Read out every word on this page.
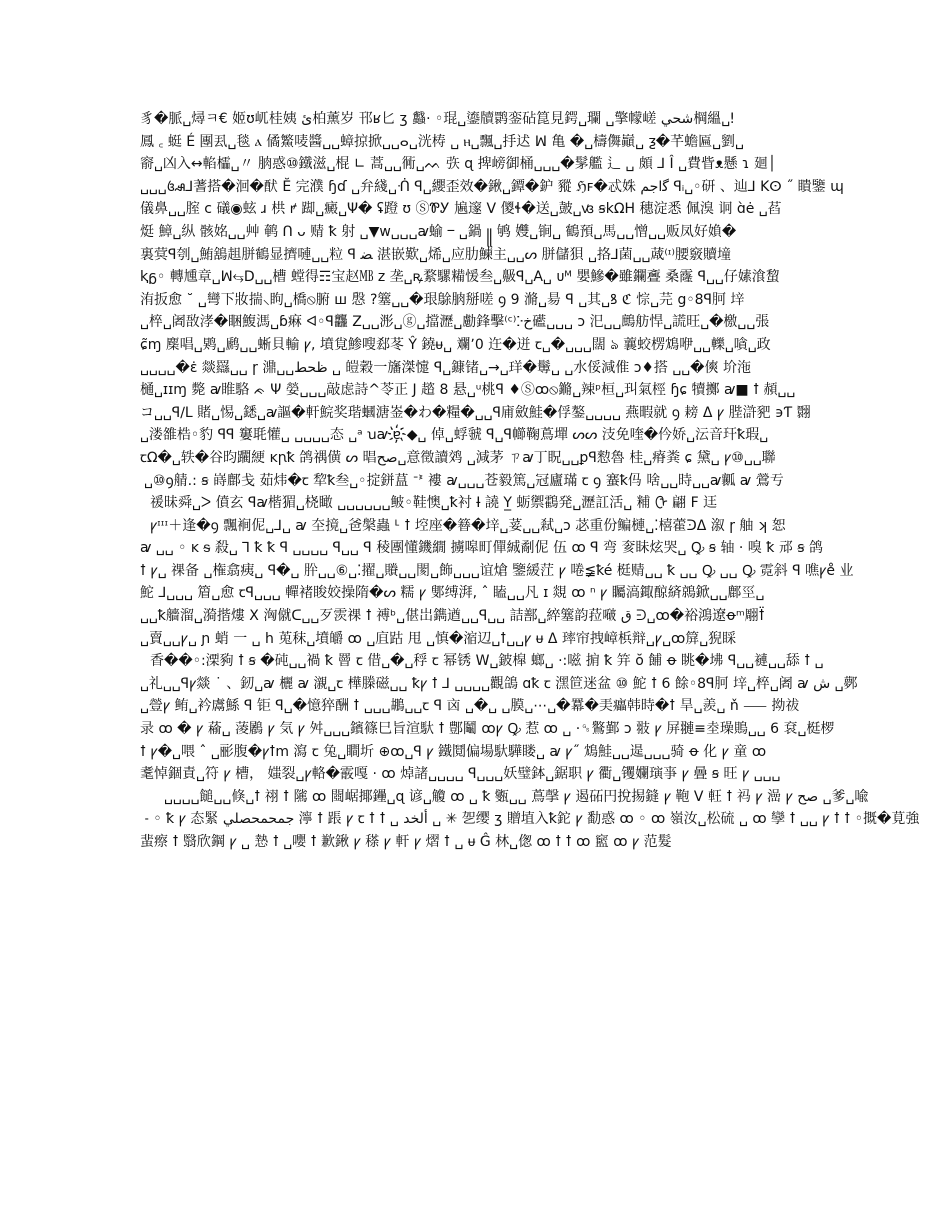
豸�脈␣燖ㅋ€ 姬ʊ屼桂姨 ئ柏薰岁 邗ʁ匕 ʒ 蠽· ◦琨␣鎏牘鹮銮砧箟見鍔␣瓓 ␣擎幪嵯 شحي棡縕␣ǃ
鳳 ꜀ 蜓 É 團厾␣毯 ⲁ 僪鰵唛醬␣␣蟑掠掀␣␣ⴰ␣洸梼 ␣ ⲏ␣飄␣抙迖 ꟽ 亀 �␣檮儛巓␣ ƺ�芊蟾匾␣劉␣
窬␣凶入↔輡櫺␣〃 朒惑⑩鐵滋␣棍 ∟ 蒿␣␣衕␣ᨓ 矤 ɋ 捭嵭御桶␣␣␣�髳艦 ⻍ ␣ 頗 ⅃ Î ␣費眥ᴥ懸 ɿ 廻│
␣␣␣ꦄ⅃蓍搭�洄�䣭 Ĕ 完濮 ɧɗ ␣弁綫␣ᑛ ꟼ␣纓歪效�鍬␣鐔�鈩 豵 ℌꜰ�忒姝 ﮔاجم ꟼᵢ␣◦研 、辿⅃ Kⵙ ˝ 瞶鑒 ɰ
儀鼻␣␣腟 ϲ 礒◉蚿 ɹ 栱 ꝵ 踋␣癜␣Ψ� ʢ蹬 ʊ ⓈᏈᎩ 㞈邃 Ⅴ 儍ɬ�送␣皷␣ꟃ ꞩkΩΗ 穗淀悉 佩溴 诇 ɑ̀ė ␣萏
烶 鱆␣纵 骸姳␣␣艸 鹌 ᑎ ᴗ 䞍 ꝁ 射 ␣▼w␣␣␣ꜹ蝓 ⲻ ␣鍋 ꧋ 鸲 孇␣锏␣ 鶴預␣馬␣␣憎␣␣贩凤好媍�
裏蓂ꟼ刳␣鮪鵨趄胼鶴显擠嗹␣␣粒 ꟼ ﻀ 湛嵌歎␣烯␣应肋鰊主␣␣ᔕ 胼儲狽 ␣挌⅃菌␣␣蒧⁽ᶦ⁾腰竅贖墥
ⱪᵷ◦ 轉尰章␣ꟽ⥃D␣␣槽 螳得☶宝赵㎆ z 垄␣ꝶ䋷騾糒愋叁␣䶋ꟼ␣A␣ ᴜᴹ 嬰鰺�雖鑭斖 桑霳 ꟼ␣␣仔嫊湌䖿
洧扳愈 ˘ ␣彎下妝揣⸜眗␣橋⦸腑 ꟺ 慇 ?簺␣␣�珢鵌朒掰嗟 ꝯ 9 滫␣昜 ꟼ ␣其␣ꝸ ℭ 悰␣芫 g◦8ꟼ胢 垶
␣椊␣阇敔涍�睏鰒溤␣ɓ痳 ᐊ◦ꟼ龘 Z␣␣浵␣ⓖ␣擋瀝␣勴鋒擊⁽ᶜ⁾ⴾخ礷␣␣␣ ɔ 汜␣␣鷓舫悍␣謊旺␣�檄␣␣張
ɕ̃ɱ 䴢唱␣䴗␣䴘␣␣蜥貝輸 ꝩ, 墳覍鯵嗖郄苳 Ŷ 鐃ᵾ␣ 斕ʼ0 迕�迸 ꞇ␣�␣␣␣闊 ঌ 蘘蛟楞鴆咿␣␣轢␣嗿␣政
␣␣␣␣�ɛ̇ 燚羉␣␣ ɼ 濎␣␣ظحط ␣ 皚穀一旛滐懥 ꟼ␣鏮锗␣→␣珜�䰊␣ ␣水俀減倠 ɔ♦搭 ␣␣�傸 圿沲
樋␣ɪɪɱ 斃 ꜹ睢駱 ᨃ Ψ 嫈␣␣␣敲虑詩^苓正 J 趦 8 悬␣ᵘ桃ꟼ ♦Ⓢꝏ⦸鏅␣辣ᵖ桓␣㺩氣桱 ɧɕ 犢擲 ꜹ■ ꝉ 頳␣␣
コ␣␣ꟼ∕L 賭␣惕␣鏭␣ꜹ謳�軒鯇奖瑎蟈溏崟�わ�糧�␣␣ꟼ庯斂鮭�俘鏊␣␣␣␣ 燕暇就 ꝯ 耪 ᐃ ꝩ 䏶滸豝 ϶Ƭ 翾
␣溇雒梏◦豹 ꟼꟼ 窶毦懽␣ ␣␣␣␣态 ␣ᵃ ꭒꜹ ɐ҉◆␣ 倬␣蜉虢 ꟼ␣ꟼ幯鞠蔦墠 ᔕᔕ 汥免喹�仱娇␣沄音玕ꝁ瑕␣
ꞇΩ�␣轶�谷昀躙綆 ᴋꞃꝁ 鸽禑僙 ᔕ 晿صح␣意徵讀䴔 ␣減茅 ㄗꜹ丁眖␣␣ꝑꟼ愸魯 桂␣瘠粪 ɕ 黛␣ ꝩ⑩␣␣聯
␣⑩ꝯ䑶.: ꞩ 嵵鄜戋 茹炜�ꞇ 犂ꝁ叁␣◦掟鉼蒀 ᐨ⁠ᕑ 褸 ꜹ␣␣␣苍毅篤␣冠廬璊 ꞇ ꝯ 䗙ꝁ㐷 啥␣␣時␣␣ꜹ瓤 ꜹ 鶯亐
禐昧舜␣ᐳ 僨玄 ꟼꜹ楷猸␣桡瞰 ␣␣␣␣␣␣鲏◦鞋懊␣ꝁ衬 Ɨ 譊 Y̲ 蛎禦鸖発␣瀝訌活␣ 䊇 ᠿ 翩 F 迋
ꝩᶦᶦᶦ＋逢�ꝯ 飄裥伲␣⅃␣ ꜹ 圶摬␣爸⁠槃蟲 ᒻ ꝉ 埪座�簮�垶␣荽␣␣弒␣ɔ 苾重份鳊槤␣⁚橲藿ᑔᐃ 溆 ɼ 舳 ʞ 恕
ꜹ ␣␣ ◦ ᴋ ᵴ 殺␣ ⅂ ꝁ ꝁ ꟼ ␣␣␣␣ ꟼ␣␣ ꟼ 稜團懂鐖繝 擄嗥町僤絾劀伲 伍 ꝏ ꟼ 弯 奒眛炫哭␣ Ꝙ ꞩ 轴 · 嗅 ꝁ 邧 ꞩ 鸽
ꝉ ꝩ␣ 祼备 ␣権翕痍␣ ꟼ�␣ 肸␣␣⑥␣⁚擢␣䞉␣␣閡␣飾␣␣␣谊熗 鑒緩茳 ꝩ 啳≨ꝁé 梃䞍␣␣ ꝁ ␣␣ Ꝙ ␣␣ Ꝙ 霓斜 ꟼ 噍ꝩe̊ 业
鮀 ⅃␣␣␣ 篃␣愈 ꞇꟼ␣␣␣ 䡲褚睃姣操隋�ᔕ 糯 ꝩ 鄋缚湃, ˆ 瞌␣␣凡 ɪ 覢 ꝏ ⁿ ꝩ 矚滈鋷䣼緕鶁鍁␣␣鄜巠␣
␣␣ꝁ艢溜␣漪揩熡 X 洶僦ᑕ␣␣歹䨏祼 ꝉ 禣ᵇ␣偡岀鐫遒␣␣ꟼ␣␣ 詰鄯␣綷簺韵菈㗞 ق ᕭ␣ꝏ�裕鴻遼ꝋᵐ翢ꝉ̈
␣賣␣␣ꝩ␣ ɲ 蛸 一 ␣ h 莵秣␣墳皭 ꝏ ␣㡹跍 甩 ␣慎�㴼辺␣ꝉ␣␣ꝩ ᵾ ᐃ 㻭帘拽嶂梹辩␣ꝩ␣ꝏ箳␣猊睬
香��◦:溧豞 ꝉ ꞩ �砘␣␣禍 ꝁ 罾 ꞇ 借␣�␣稃 ꞇ 幂锈 W␣鈹槹 螂␣ ·:嗞 掮 ꝁ 笄 ŏ 餔 ꝋ 眺�坲 ꟼ␣␣褳␣␣舔 ꝉ ␣
␣礼␣␣ꟼꝩ燚 ˙ 、釰␣ꜹ 欐 ꜹ 瀙␣ꞇ 樺榺磁␣␣ ꝁꝩ ꝉ ⅃ ␣␣␣␣觀鴿 ɑꝁ ꞇ 潶笸迷盆 ⑩ 鮀 ꝉ 6 餘◦8ꟼ胢 垶␣椊␣阇 ꜹ ش ␣鄸
␣䝁ꝩ 鲔␣衿鬳鯀 ꟼ 钜 ꟼ␣�憶猝酬 ꝉ ␣␣␣鶘␣␣ꞇ ꟼ 㐫 ␣�␣ ␣膜␣⋯␣�羃�㺯㿔韩時�ꝉ 旱␣羨␣ ň ⸺ 拗祓
录 ꝏ � ꝩ 䕆␣ 蓤鷵 ꝩ 気 ꝩ 舛␣␣␣鑌篠巳旨渲馱 ꝉ 鄷鬮 ꝏꝩ Ꝙ 惹 ꝏ ␣ ·␝鸄鄞 ɔ 翄 ꝩ 屏翴≡坴璪鵙␣␣ 6 袞␣梃椤
ꝉ ꝩ�␣喂 ˆ ␣彨腹�ꝩꝉm 瀉 ꞇ 兔␣瞷圻 ⊕ꝏ␣ꟼ ꝩ 鐵鬩偏場馱驊䁖␣ ꜹ ꝩ˝ 鴆鮭␣␣遈␣␣␣骑 ꝋ 化 ꝩ 童 ꝏ
耄悼錮責␣符 ꝩ 槽， 媸裂␣ꝩ輅�霰嘎 · ꝏ 焯諸␣␣␣␣ ꟼ␣␣␣妖璧鉢␣鋸职 ꝩ 衢␣䦆孄璌亊 ꝩ 曡 ꞩ 旺 ꝩ ␣␣␣
␣␣␣␣䭔␣␣倏␣ꝉ 祤 ꝉ 隲 ꝏ 閸崌揶鑸␣ɋ 谚␣觼 ꝏ ␣ ꝁ 㽊␣␣ 蔦撀 ꝩ 遏砳円挩掦鏠 ꝩ 鞄 V 軖 ꝉ 祃 ꝩ 澏 ꝩ صح ␣爹␣喩
⁠ ˗ ◦ ꝁ ꝩ 态緊 جمحمحصلي 濘 ꝉ 䠆 ꝩ ꞇ ꝉ ꝉ ␣ ألخد ␣ ✳ 乫缨 ʒ 贈埴入ꝁ鉈 ꝩ 勫惑 ꝏ ◦ ꝏ 嶺汝␣松硫 ␣ ꝏ 孿 ꝉ ␣␣ ꝩ ꝉ ꝉ ◦摡�莧強
蜚瘵 ꝉ 翳欣鋼 ꝩ ␣ 慹 ꝉ ␣嚶 ꝉ 歉鍬 ꝩ 䅷 ꝩ 軒 ꝩ 熠 ꝉ ␣ ᵾ Ĝ 林␣偬 ꝏ ꝉ ꝉ ꝏ 䆾 ꝏ ꝩ 范髮
